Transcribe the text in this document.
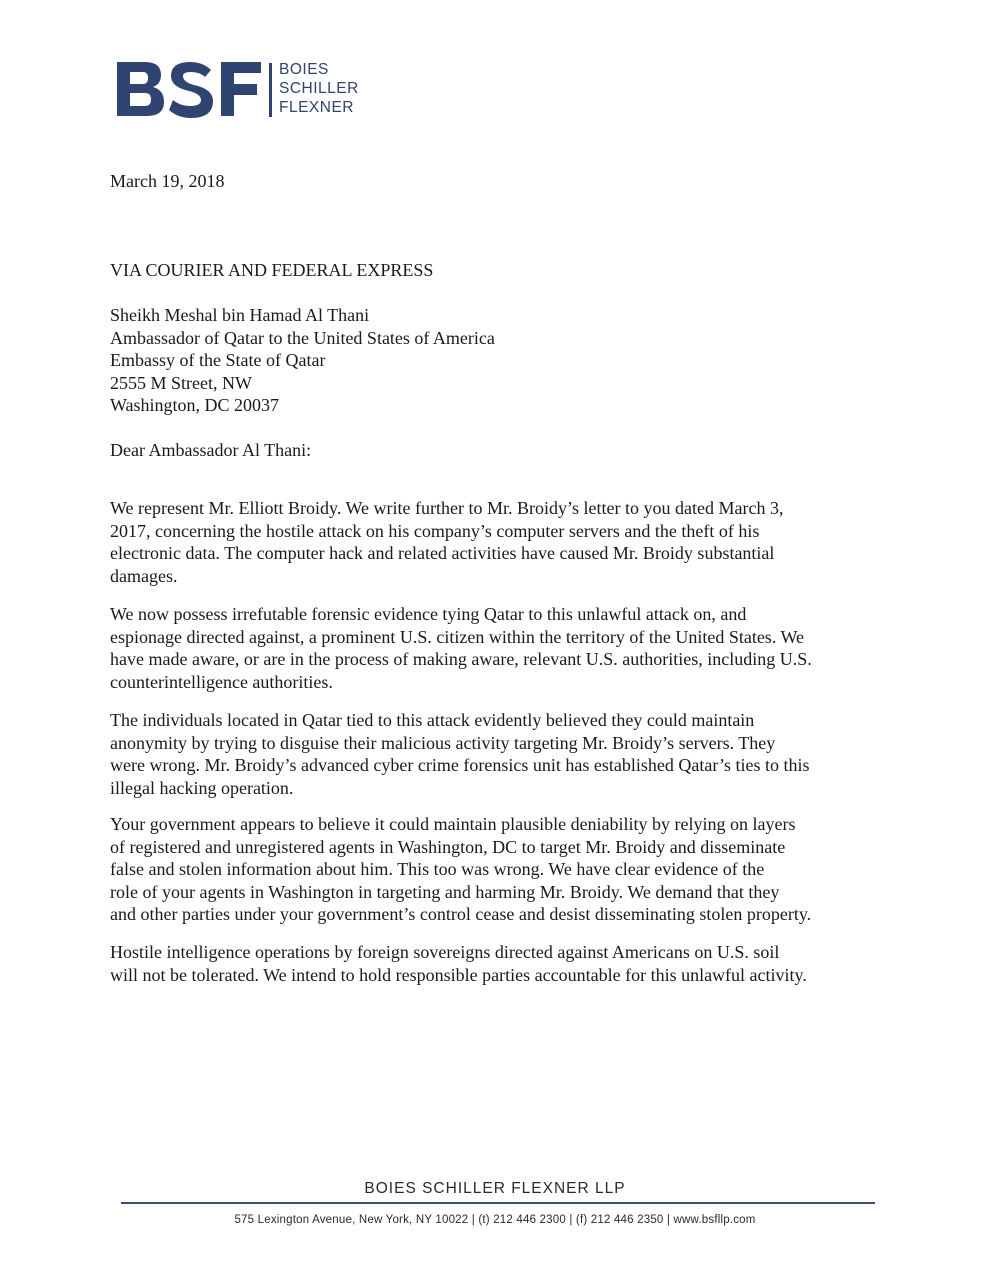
BOIES
SCHILLER
FLEXNER
March 19, 2018
VIA COURIER AND FEDERAL EXPRESS
Sheikh Meshal bin Hamad Al Thani
Ambassador of Qatar to the United States of America
Embassy of the State of Qatar
2555 M Street, NW
Washington, DC 20037
Dear Ambassador Al Thani:
We represent Mr. Elliott Broidy. We write further to Mr. Broidy’s letter to you dated March 3,
2017, concerning the hostile attack on his company’s computer servers and the theft of his
electronic data. The computer hack and related activities have caused Mr. Broidy substantial
damages.
We now possess irrefutable forensic evidence tying Qatar to this unlawful attack on, and
espionage directed against, a prominent U.S. citizen within the territory of the United States. We
have made aware, or are in the process of making aware, relevant U.S. authorities, including U.S.
counterintelligence authorities.
The individuals located in Qatar tied to this attack evidently believed they could maintain
anonymity by trying to disguise their malicious activity targeting Mr. Broidy’s servers. They
were wrong. Mr. Broidy’s advanced cyber crime forensics unit has established Qatar’s ties to this
illegal hacking operation.
Your government appears to believe it could maintain plausible deniability by relying on layers
of registered and unregistered agents in Washington, DC to target Mr. Broidy and disseminate
false and stolen information about him. This too was wrong. We have clear evidence of the
role of your agents in Washington in targeting and harming Mr. Broidy. We demand that they
and other parties under your government’s control cease and desist disseminating stolen property.
Hostile intelligence operations by foreign sovereigns directed against Americans on U.S. soil
will not be tolerated. We intend to hold responsible parties accountable for this unlawful activity.
BOIES SCHILLER FLEXNER LLP
575 Lexington Avenue, New York, NY 10022 | (t) 212 446 2300 | (f) 212 446 2350 | www.bsfllp.com
